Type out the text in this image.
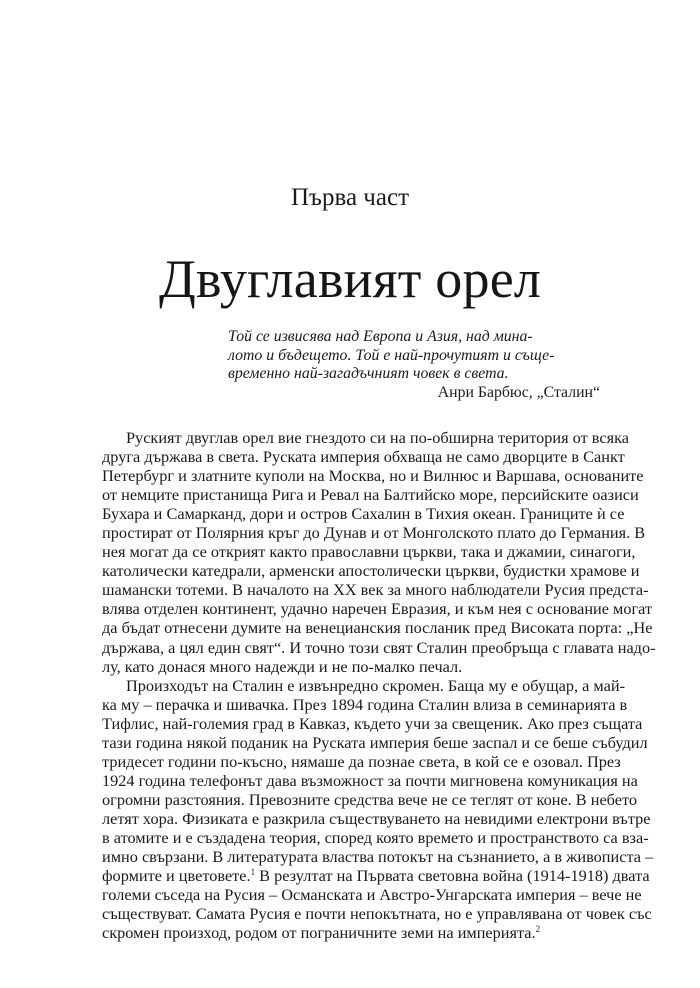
Първа част
Двуглавият орел
Той се извисява над Европа и Азия, над мина-
лото и бъдещето. Той е най-прочутият и съще-
временно най-загадъчният човек в света.
Анри Барбюс, „Сталин“
Руският двуглав орел вие гнездото си на по-обширна територия от всяка
друга държава в света. Руската империя обхваща не само дворците в Санкт
Петербург и златните куполи на Москва, но и Вилнюс и Варшава, основаните
от немците пристанища Рига и Ревал на Балтийско море, персийските оазиси
Бухара и Самарканд, дори и остров Сахалин в Тихия океан. Границите ѝ се
простират от Полярния кръг до Дунав и от Монголското плато до Германия. В
нея могат да се открият както православни църкви, така и джамии, синагоги,
католически катедрали, арменски апостолически църкви, будистки храмове и
шамански тотеми. В началото на XX век за много наблюдатели Русия предста-
влява отделен континент, удачно наречен Евразия, и към нея с основание могат
да бъдат отнесени думите на венецианския посланик пред Високата порта: „Не
държава, а цял един свят“. И точно този свят Сталин преобръща с главата надо-
лу, като донася много надежди и не по-малко печал.
Произходът на Сталин е извънредно скромен. Баща му е обущар, а май-
ка му – перачка и шивачка. През 1894 година Сталин влиза в семинарията в
Тифлис, най-големия град в Кавказ, където учи за свещеник. Ако през същата
тази година някой поданик на Руската империя беше заспал и се беше събудил
тридесет години по-късно, нямаше да познае света, в кой се е озовал. През
1924 година телефонът дава възможност за почти мигновена комуникация на
огромни разстояния. Превозните средства вече не се теглят от коне. В небето
летят хора. Физиката е разкрила съществуването на невидими електрони вътре
в атомите и е създадена теория, според която времето и пространството са вза-
имно свързани. В литературата властва потокът на съзнанието, а в живописта –
формите и цветовете.$^1$ В резултат на Първата световна война (1914-1918) двата
големи съседа на Русия – Османската и Австро-Унгарската империя – вече не
съществуват. Самата Русия е почти непокътната, но е управлявана от човек със
скромен произход, родом от пограничните земи на империята.$^2$
